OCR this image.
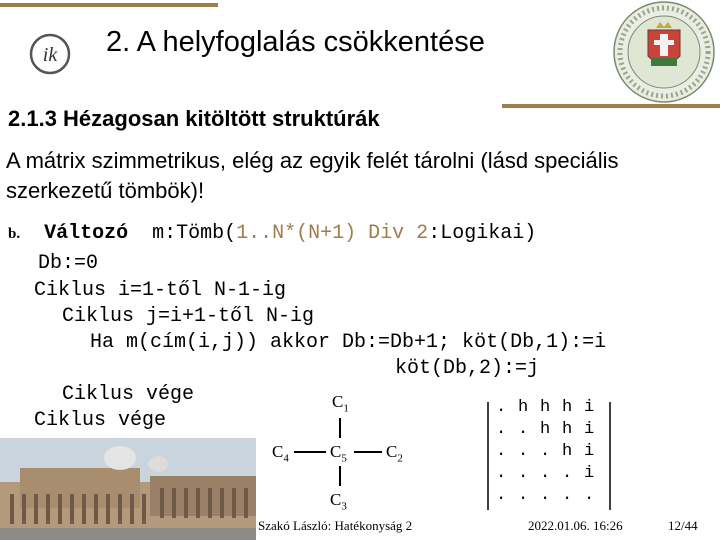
ik 2. A helyfoglalás csökkentése
2.1.3 Hézagosan kitöltött struktúrák
A mátrix szimmetrikus, elég az egyik felét tárolni (lásd speciális szerkezetű tömbök)!
b. Változó m:Tömb(1..N*(N+1) Div 2:Logikai)
Db:=0
Ciklus i=1-től N-1-ig
Ciklus j=i+1-től N-ig
Ha m(cím(i,j)) akkor Db:=Db+1; köt(Db,1):=i
köt(Db,2):=j
Ciklus vége
Ciklus vége
$C_1$
$C_4$ $C_5$ $C_2$
$C_3$
. h h h i
. . h h i
. . . h i
. . . . i
. . . . .
Szakó László: Hatékonyság 2	2022.01.06. 16:26	12/44
